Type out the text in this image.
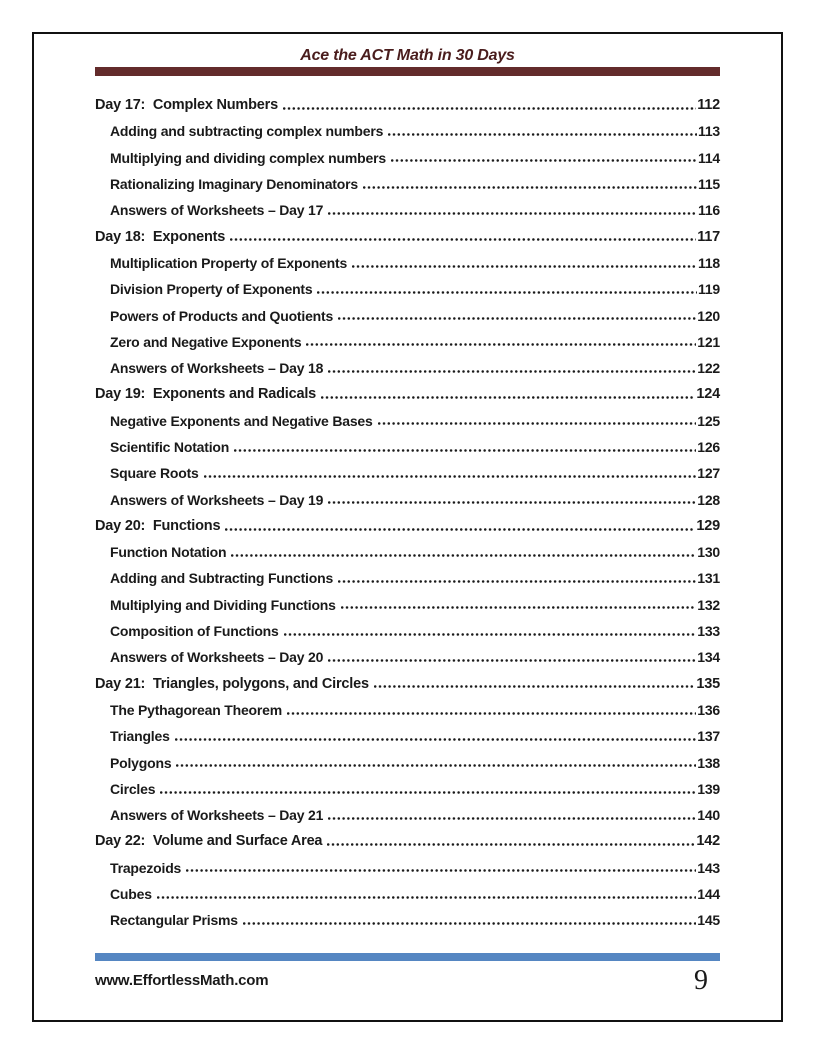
Ace the ACT Math in 30 Days
Day 17:  Complex Numbers	112
Adding and subtracting complex numbers	113
Multiplying and dividing complex numbers	114
Rationalizing Imaginary Denominators	115
Answers of Worksheets – Day 17	116
Day 18:  Exponents	117
Multiplication Property of Exponents	118
Division Property of Exponents	119
Powers of Products and Quotients	120
Zero and Negative Exponents	121
Answers of Worksheets – Day 18	122
Day 19:  Exponents and Radicals	124
Negative Exponents and Negative Bases	125
Scientific Notation	126
Square Roots	127
Answers of Worksheets – Day 19	128
Day 20:  Functions	129
Function Notation	130
Adding and Subtracting Functions	131
Multiplying and Dividing Functions	132
Composition of Functions	133
Answers of Worksheets – Day 20	134
Day 21:  Triangles, polygons, and Circles	135
The Pythagorean Theorem	136
Triangles	137
Polygons	138
Circles	139
Answers of Worksheets – Day 21	140
Day 22:  Volume and Surface Area	142
Trapezoids	143
Cubes	144
Rectangular Prisms	145
www.EffortlessMath.com	9
